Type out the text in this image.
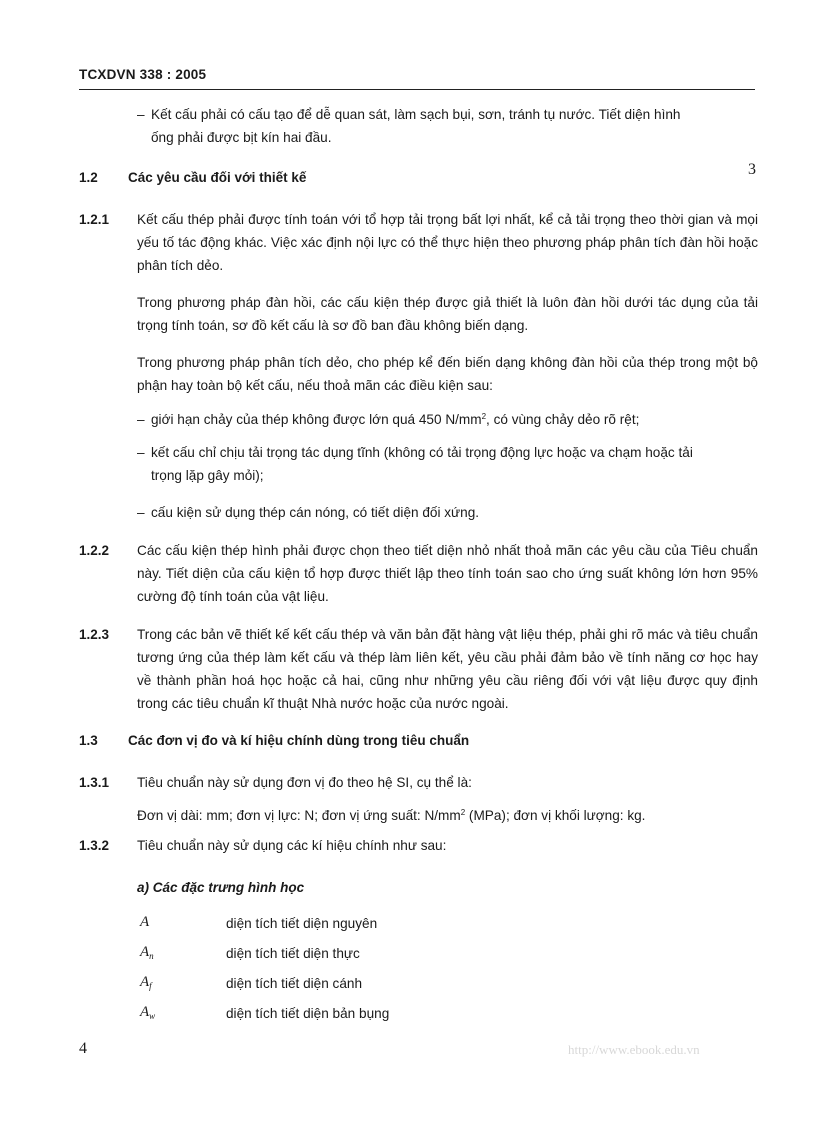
TCXDVN 338 : 2005
– Kết cấu phải có cấu tạo để dễ quan sát, làm sạch bụi, sơn, tránh tụ nước. Tiết diện hình
ống phải được bịt kín hai đầu.
3
1.2 Các yêu cầu đối với thiết kế
1.2.1 Kết cấu thép phải được tính toán với tổ hợp tải trọng bất lợi nhất, kể cả tải trọng theo thời gian và mọi yếu tố tác động khác. Việc xác định nội lực có thể thực hiện theo phương pháp phân tích đàn hồi hoặc phân tích dẻo.
Trong phương pháp đàn hồi, các cấu kiện thép được giả thiết là luôn đàn hồi dưới tác dụng của tải trọng tính toán, sơ đồ kết cấu là sơ đồ ban đầu không biến dạng.
Trong phương pháp phân tích dẻo, cho phép kể đến biến dạng không đàn hồi của thép trong một bộ phận hay toàn bộ kết cấu, nếu thoả mãn các điều kiện sau:
– giới hạn chảy của thép không được lớn quá 450 $N/mm^2$, có vùng chảy dẻo rõ rệt;
– kết cấu chỉ chịu tải trọng tác dụng tĩnh (không có tải trọng động lực hoặc va chạm hoặc tải
trọng lặp gây mỏi);
– cấu kiện sử dụng thép cán nóng, có tiết diện đối xứng.
1.2.2 Các cấu kiện thép hình phải được chọn theo tiết diện nhỏ nhất thoả mãn các yêu cầu của Tiêu chuẩn này. Tiết diện của cấu kiện tổ hợp được thiết lập theo tính toán sao cho ứng suất không lớn hơn 95% cường độ tính toán của vật liệu.
1.2.3 Trong các bản vẽ thiết kế kết cấu thép và văn bản đặt hàng vật liệu thép, phải ghi rõ mác và tiêu chuẩn tương ứng của thép làm kết cấu và thép làm liên kết, yêu cầu phải đảm bảo về tính năng cơ học hay về thành phần hoá học hoặc cả hai, cũng như những yêu cầu riêng đối với vật liệu được quy định trong các tiêu chuẩn kĩ thuật Nhà nước hoặc của nước ngoài.
1.3 Các đơn vị đo và kí hiệu chính dùng trong tiêu chuẩn
1.3.1 Tiêu chuẩn này sử dụng đơn vị đo theo hệ SI, cụ thể là:
Đơn vị dài: mm; đơn vị lực: N; đơn vị ứng suất: $N/mm^2$ (MPa); đơn vị khối lượng: kg.
1.3.2 Tiêu chuẩn này sử dụng các kí hiệu chính như sau:
a) Các đặc trưng hình học
A	diện tích tiết diện nguyên
$A_n$	diện tích tiết diện thực
$A_f$	diện tích tiết diện cánh
$A_w$	diện tích tiết diện bản bụng
4	http://www.ebook.edu.vn
